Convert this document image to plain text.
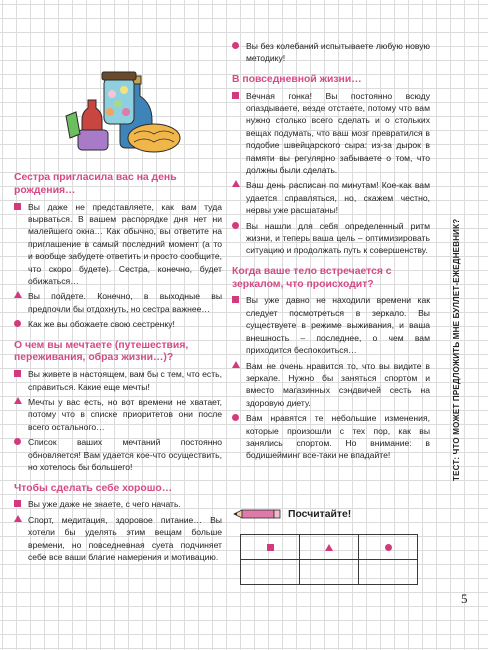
Сестра пригласила вас на день рождения…
Вы даже не представляете, как вам туда вырваться. В вашем распорядке дня нет ни малейшего окна… Как обычно, вы ответите на приглашение в самый последний момент (а то и вообще забудете ответить и просто сообщите, что скоро будете). Сестра, конечно, будет обижаться…
Вы пойдете. Конечно, в выходные вы предпочли бы отдохнуть, но сестра важнее…
Как же вы обожаете свою сестренку!
О чем вы мечтаете (путешествия, переживания, образ жизни…)?
Вы живете в настоящем, вам бы с тем, что есть, справиться. Какие еще мечты!
Мечты у вас есть, но вот времени не хватает, потому что в списке приоритетов они после всего остального…
Список ваших мечтаний постоянно обновляется! Вам удается кое-что осуществить, но хотелось бы большего!
Чтобы сделать себе хорошо…
Вы уже даже не знаете, с чего начать.
Спорт, медитация, здоровое питание… Вы хотели бы уделять этим вещам больше времени, но повседневная суета подчиняет себе все ваши благие намерения и мотивацию.
Вы без колебаний испытываете любую новую методику!
В повседневной жизни…
Вечная гонка! Вы постоянно всюду опаздываете, везде отстаете, потому что вам нужно столько всего сделать и о стольких вещах подумать, что ваш мозг превратился в подобие швейцарского сыра: из-за дырок в памяти вы регулярно забываете о том, что должны были сделать.
Ваш день расписан по минутам! Кое-как вам удается справляться, но, скажем честно, нервы уже расшатаны!
Вы нашли для себя определенный ритм жизни, и теперь ваша цель – оптимизировать ситуацию и продолжать путь к совершенству.
Когда ваше тело встречается с зеркалом, что происходит?
Вы уже давно не находили времени как следует посмотреться в зеркало. Вы существуете в режиме выживания, и ваша внешность – последнее, о чем вам приходится беспокоиться…
Вам не очень нравится то, что вы видите в зеркале. Нужно бы заняться спортом и вместо магазинных сэндвичей сесть на здоровую диету.
Вам нравятся те небольшие изменения, которые произошли с тех пор, как вы занялись спортом. Но внимание: в бодишейминг все-таки не впадайте!
Посчитайте!

ТЕСТ: ЧТО МОЖЕТ ПРЕДЛОЖИТЬ МНЕ БУЛЛЕТ-ЕЖЕДНЕВНИК?
5
